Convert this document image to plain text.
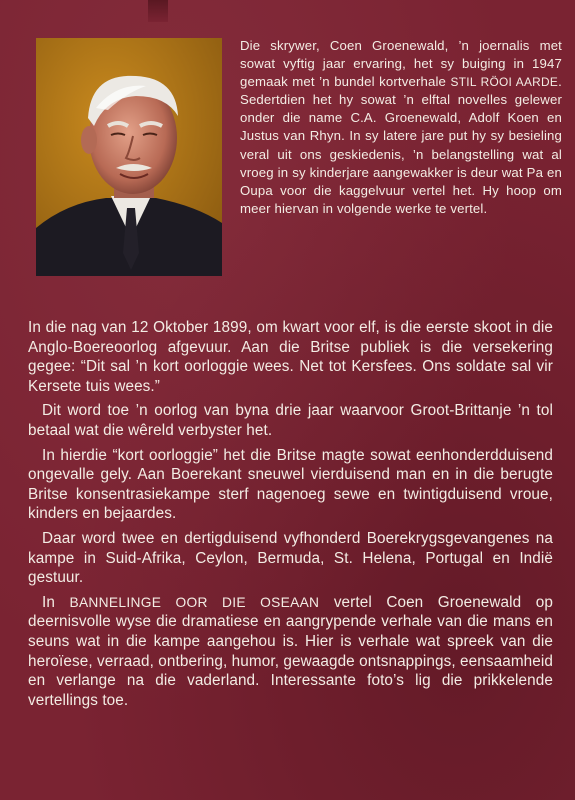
Die skrywer, Coen Groenewald, ’n joernalis met sowat vyftig jaar ervaring, het sy buiging in 1947 gemaak met ’n bundel kortverhale STIL RÖOI AARDE. Sedertdien het hy sowat ’n elftal novelles gelewer onder die name C.A. Groenewald, Adolf Koen en Justus van Rhyn. In sy latere jare put hy sy besieling veral uit ons geskiedenis, ’n belangstelling wat al vroeg in sy kinderjare aangewakker is deur wat Pa en Oupa voor die kaggelvuur vertel het. Hy hoop om meer hiervan in volgende werke te vertel.

In die nag van 12 Oktober 1899, om kwart voor elf, is die eerste skoot in die Anglo-Boereoorlog afgevuur. Aan die Britse publiek is die versekering gegee: “Dit sal ’n kort oorloggie wees. Net tot Kersfees. Ons soldate sal vir Kersete tuis wees.”

Dit word toe ’n oorlog van byna drie jaar waarvoor Groot-Brittanje ’n tol betaal wat die wêreld verbyster het.

In hierdie “kort oorloggie” het die Britse magte sowat eenhonderdduisend ongevalle gely. Aan Boerekant sneuwel vierduisend man en in die berugte Britse konsentrasiekampe sterf nagenoeg sewe en twintigduisend vroue, kinders en bejaardes.

Daar word twee en dertigduisend vyfhonderd Boerekrygsgevangenes na kampe in Suid-Afrika, Ceylon, Bermuda, St. Helena, Portugal en Indië gestuur.

In BANNELINGE OOR DIE OSEAAN vertel Coen Groenewald op deernisvolle wyse die dramatiese en aangrypende verhale van die mans en seuns wat in die kampe aangehou is. Hier is verhale wat spreek van die heroïese, verraad, ontbering, humor, gewaagde ontsnappings, eensaamheid en verlange na die vaderland. Interessante foto’s lig die prikkelende vertellings toe.
